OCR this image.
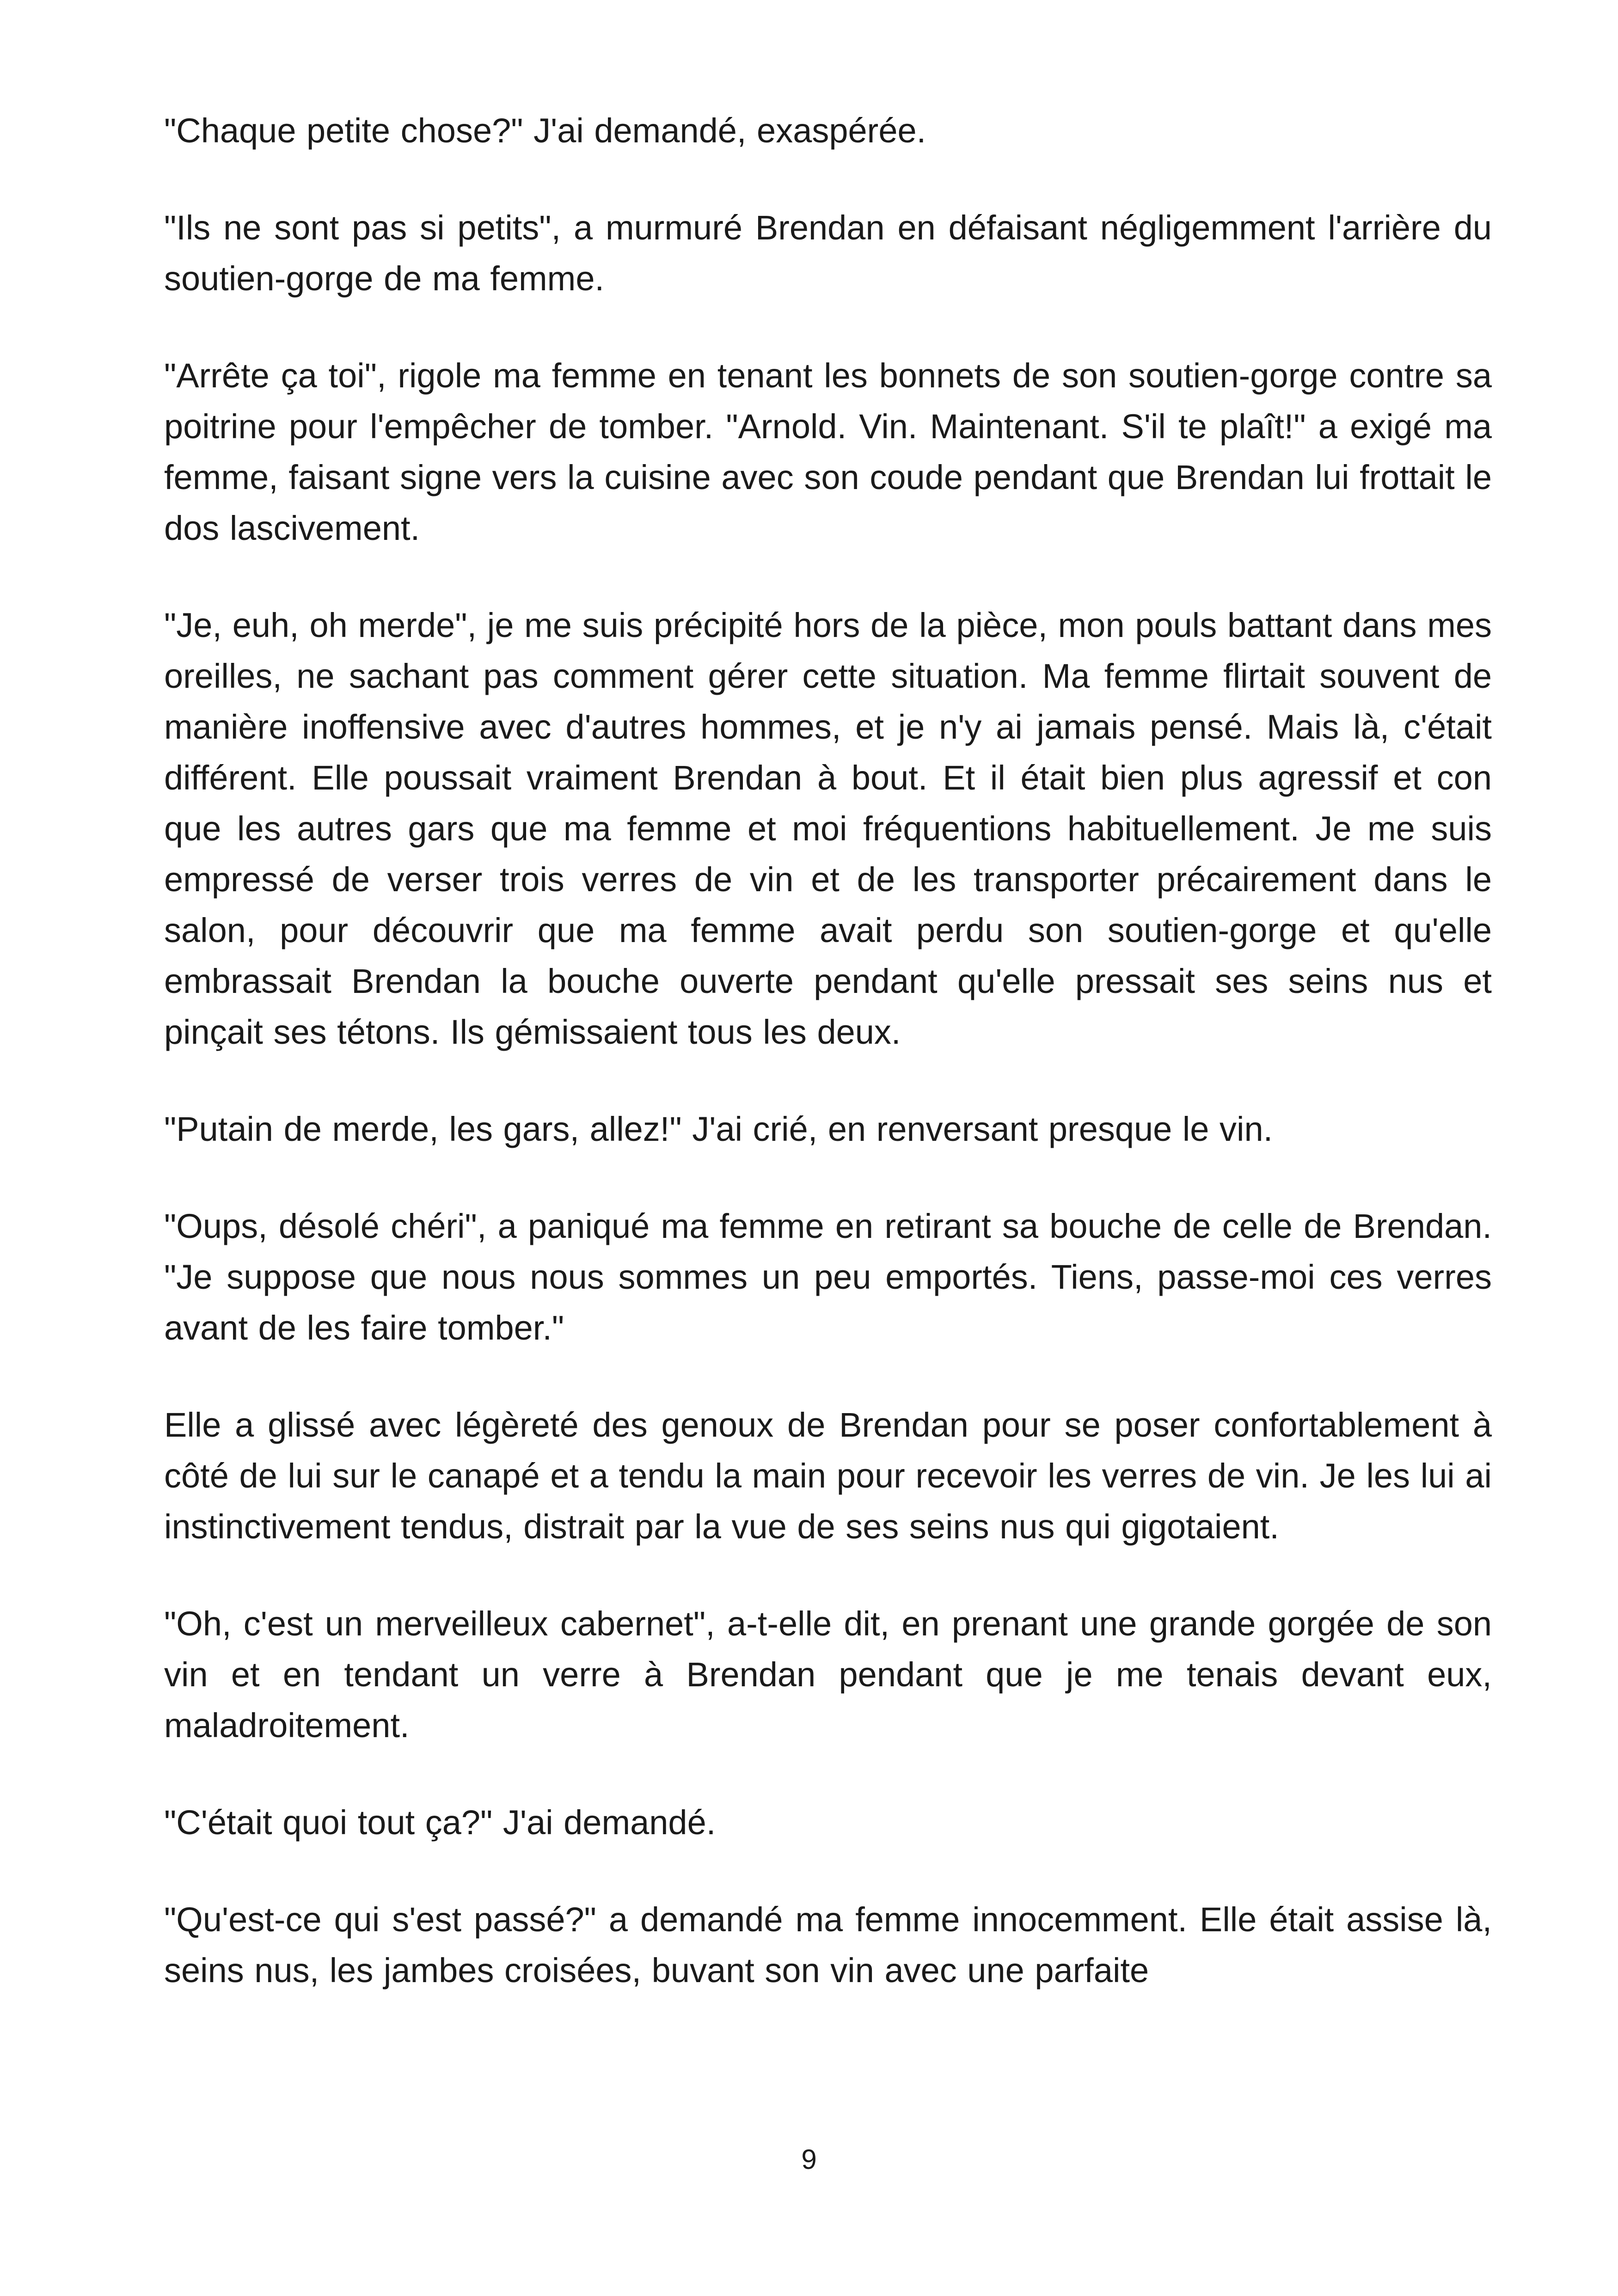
"Chaque petite chose?" J'ai demandé, exaspérée.

"Ils ne sont pas si petits", a murmuré Brendan en défaisant négligemment l'arrière du soutien-gorge de ma femme.

"Arrête ça toi", rigole ma femme en tenant les bonnets de son soutien-gorge contre sa poitrine pour l'empêcher de tomber. "Arnold. Vin. Maintenant. S'il te plaît!" a exigé ma femme, faisant signe vers la cuisine avec son coude pendant que Brendan lui frottait le dos lascivement.

"Je, euh, oh merde", je me suis précipité hors de la pièce, mon pouls battant dans mes oreilles, ne sachant pas comment gérer cette situation. Ma femme flirtait souvent de manière inoffensive avec d'autres hommes, et je n'y ai jamais pensé. Mais là, c'était différent. Elle poussait vraiment Brendan à bout. Et il était bien plus agressif et con que les autres gars que ma femme et moi fréquentions habituellement. Je me suis empressé de verser trois verres de vin et de les transporter précairement dans le salon, pour découvrir que ma femme avait perdu son soutien-gorge et qu'elle embrassait Brendan la bouche ouverte pendant qu'elle pressait ses seins nus et pinçait ses tétons. Ils gémissaient tous les deux.

"Putain de merde, les gars, allez!" J'ai crié, en renversant presque le vin.

"Oups, désolé chéri", a paniqué ma femme en retirant sa bouche de celle de Brendan. "Je suppose que nous nous sommes un peu emportés. Tiens, passe-moi ces verres avant de les faire tomber."

Elle a glissé avec légèreté des genoux de Brendan pour se poser confortablement à côté de lui sur le canapé et a tendu la main pour recevoir les verres de vin. Je les lui ai instinctivement tendus, distrait par la vue de ses seins nus qui gigotaient.

"Oh, c'est un merveilleux cabernet", a-t-elle dit, en prenant une grande gorgée de son vin et en tendant un verre à Brendan pendant que je me tenais devant eux, maladroitement.

"C'était quoi tout ça?" J'ai demandé.

"Qu'est-ce qui s'est passé?" a demandé ma femme innocemment. Elle était assise là, seins nus, les jambes croisées, buvant son vin avec une parfaite

9
